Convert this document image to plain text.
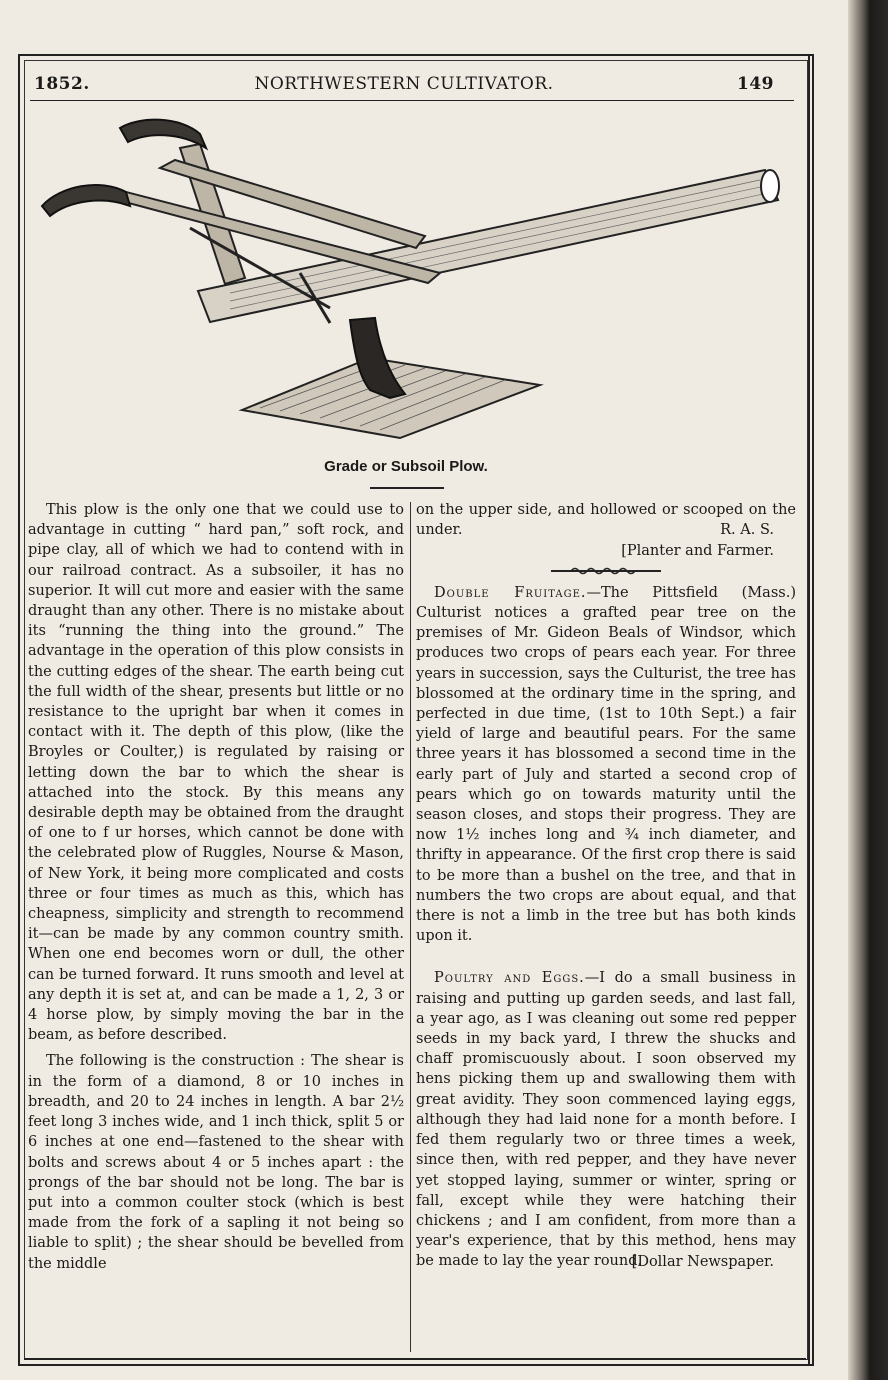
1852.	NORTHWESTERN CULTIVATOR.	149
Grade or Subsoil Plow.

This plow is the only one that we could use to advantage in cutting “ hard pan,” soft rock, and pipe clay, all of which we had to contend with in our railroad contract. As a subsoiler, it has no superior. It will cut more and easier with the same draught than any other. There is no mistake about its “running the thing into the ground.” The advantage in the operation of this plow consists in the cutting edges of the shear. The earth being cut the full width of the shear, presents but little or no resistance to the upright bar when it comes in contact with it. The depth of this plow, (like the Broyles or Coulter,) is regulated by raising or letting down the bar to which the shear is attached into the stock. By this means any desirable depth may be obtained from the draught of one to f ur horses, which cannot be done with the celebrated plow of Ruggles, Nourse & Mason, of New York, it being more complicated and costs three or four times as much as this, which has cheapness, simplicity and strength to recommend it—can be made by any common country smith. When one end becomes worn or dull, the other can be turned forward. It runs smooth and level at any depth it is set at, and can be made a 1, 2, 3 or 4 horse plow, by simply moving the bar in the beam, as before described.

The following is the construction : The shear is in the form of a diamond, 8 or 10 inches in breadth, and 20 to 24 inches in length. A bar 2½ feet long 3 inches wide, and 1 inch thick, split 5 or 6 inches at one end—fastened to the shear with bolts and screws about 4 or 5 inches apart : the prongs of the bar should not be long. The bar is put into a common coulter stock (which is best made from the fork of a sapling it not being so liable to split) ; the shear should be bevelled from the middle

on the upper side, and hollowed or scooped on the under.	R. A. S.
[Planter and Farmer.

Double Fruitage.—The Pittsfield (Mass.) Culturist notices a grafted pear tree on the premises of Mr. Gideon Beals of Windsor, which produces two crops of pears each year. For three years in succession, says the Culturist, the tree has blossomed at the ordinary time in the spring, and perfected in due time, (1st to 10th Sept.) a fair yield of large and beautiful pears. For the same three years it has blossomed a second time in the early part of July and started a second crop of pears which go on towards maturity until the season closes, and stops their progress. They are now 1½ inches long and ¾ inch diameter, and thrifty in appearance. Of the first crop there is said to be more than a bushel on the tree, and that in numbers the two crops are about equal, and that there is not a limb in the tree but has both kinds upon it.

Poultry and Eggs.—I do a small business in raising and putting up garden seeds, and last fall, a year ago, as I was cleaning out some red pepper seeds in my back yard, I threw the shucks and chaff promiscuously about. I soon observed my hens picking them up and swallowing them with great avidity. They soon commenced laying eggs, although they had laid none for a month before. I fed them regularly two or three times a week, since then, with red pepper, and they have never yet stopped laying, summer or winter, spring or fall, except while they were hatching their chickens ; and I am confident, from more than a year's experience, that by this method, hens may be made to lay the year round.

[Dollar Newspaper.
